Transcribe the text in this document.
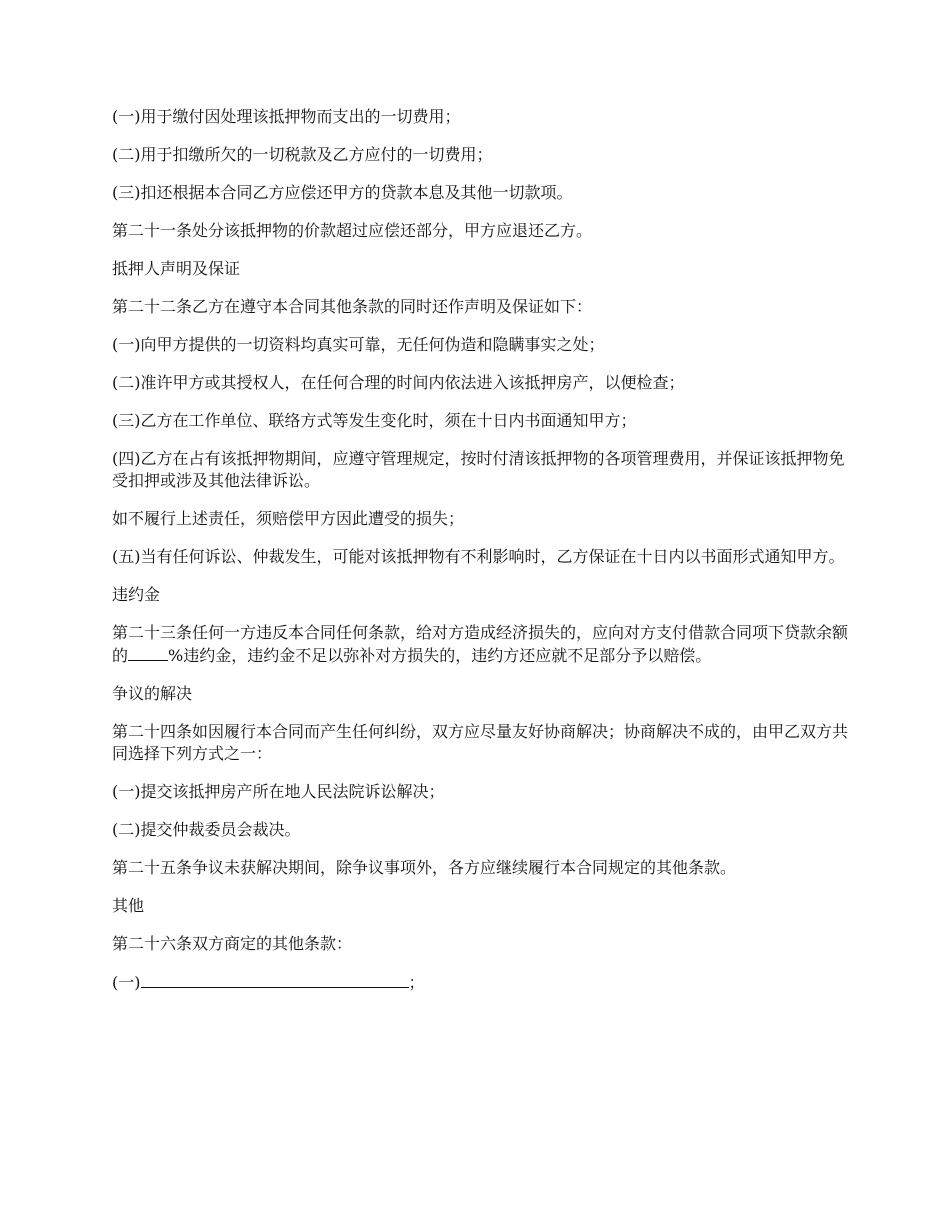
(一)用于缴付因处理该抵押物而支出的一切费用；

(二)用于扣缴所欠的一切税款及乙方应付的一切费用；

(三)扣还根据本合同乙方应偿还甲方的贷款本息及其他一切款项。

第二十一条处分该抵押物的价款超过应偿还部分，甲方应退还乙方。

抵押人声明及保证

第二十二条乙方在遵守本合同其他条款的同时还作声明及保证如下：

(一)向甲方提供的一切资料均真实可靠，无任何伪造和隐瞒事实之处；

(二)准许甲方或其授权人，在任何合理的时间内依法进入该抵押房产，以便检查；

(三)乙方在工作单位、联络方式等发生变化时，须在十日内书面通知甲方；

(四)乙方在占有该抵押物期间，应遵守管理规定，按时付清该抵押物的各项管理费用，并保证该抵押物免受扣押或涉及其他法律诉讼。

如不履行上述责任，须赔偿甲方因此遭受的损失；

(五)当有任何诉讼、仲裁发生，可能对该抵押物有不利影响时，乙方保证在十日内以书面形式通知甲方。

违约金

第二十三条任何一方违反本合同任何条款，给对方造成经济损失的，应向对方支付借款合同项下贷款余额的	%违约金，违约金不足以弥补对方损失的，违约方还应就不足部分予以赔偿。

争议的解决

第二十四条如因履行本合同而产生任何纠纷，双方应尽量友好协商解决；协商解决不成的，由甲乙双方共同选择下列方式之一：

(一)提交该抵押房产所在地人民法院诉讼解决；

(二)提交仲裁委员会裁决。

第二十五条争议未获解决期间，除争议事项外，各方应继续履行本合同规定的其他条款。

其他

第二十六条双方商定的其他条款：

(一)	；
